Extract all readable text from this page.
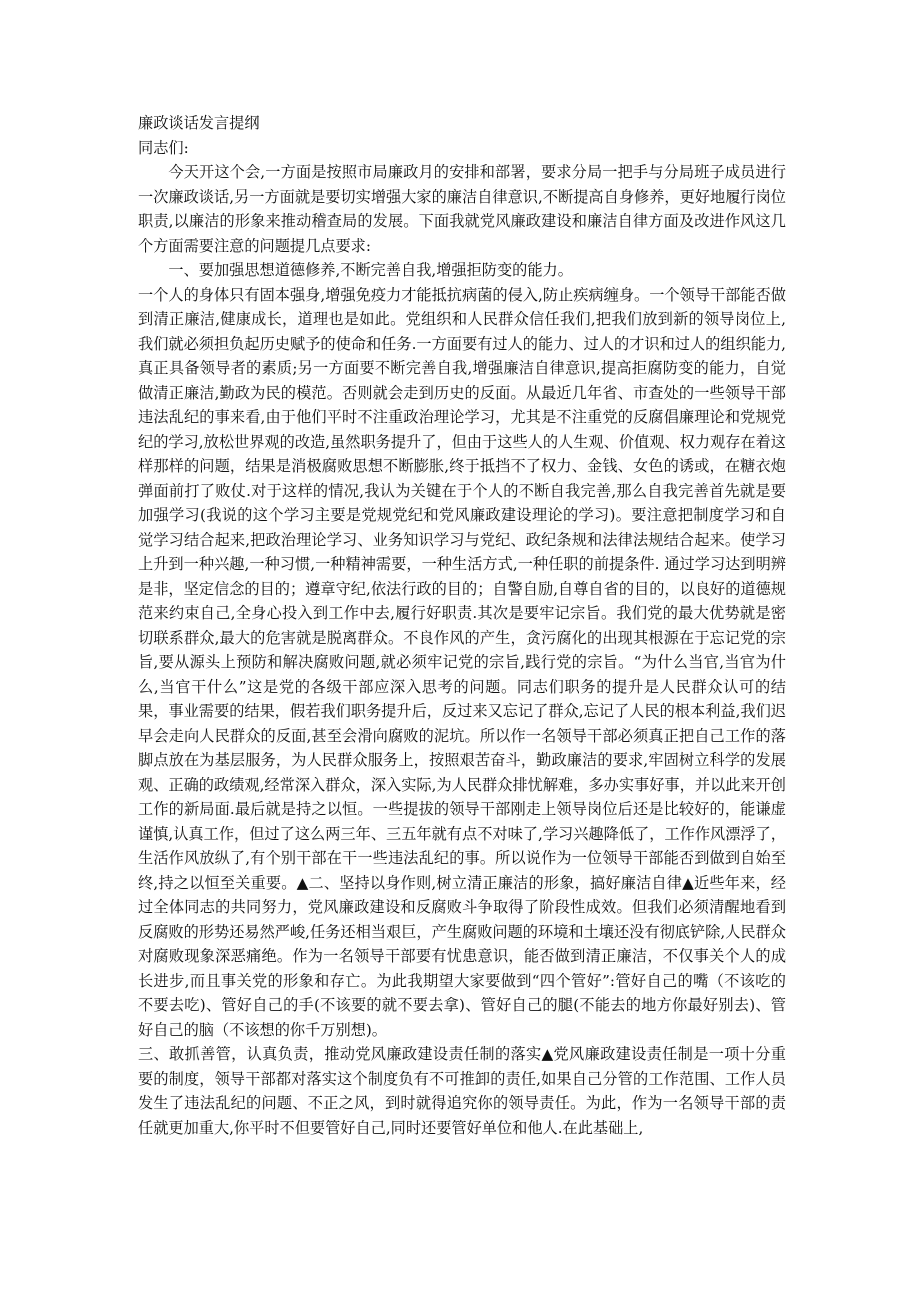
廉政谈话发言提纲

同志们:

今天开这个会,一方面是按照市局廉政月的安排和部署，要求分局一把手与分局班子成员进行一次廉政谈话,另一方面就是要切实增强大家的廉洁自律意识,不断提高自身修养，更好地履行岗位职责,以廉洁的形象来推动稽查局的发展。下面我就党风廉政建设和廉洁自律方面及改进作风这几个方面需要注意的问题提几点要求:

一、要加强思想道德修养,不断完善自我,增强拒防变的能力。

一个人的身体只有固本强身,增强免疫力才能抵抗病菌的侵入,防止疾病缠身。一个领导干部能否做到清正廉洁,健康成长，道理也是如此。党组织和人民群众信任我们,把我们放到新的领导岗位上,我们就必须担负起历史赋予的使命和任务.一方面要有过人的能力、过人的才识和过人的组织能力,真正具备领导者的素质;另一方面要不断完善自我,增强廉洁自律意识,提高拒腐防变的能力，自觉做清正廉洁,勤政为民的模范。否则就会走到历史的反面。从最近几年省、市查处的一些领导干部违法乱纪的事来看,由于他们平时不注重政治理论学习，尤其是不注重党的反腐倡廉理论和党规党纪的学习,放松世界观的改造,虽然职务提升了，但由于这些人的人生观、价值观、权力观存在着这样那样的问题，结果是消极腐败思想不断膨胀,终于抵挡不了权力、金钱、女色的诱或，在糖衣炮弹面前打了败仗.对于这样的情况,我认为关键在于个人的不断自我完善,那么自我完善首先就是要加强学习(我说的这个学习主要是党规党纪和党风廉政建设理论的学习)。要注意把制度学习和自觉学习结合起来,把政治理论学习、业务知识学习与党纪、政纪条规和法律法规结合起来。使学习上升到一种兴趣,一种习惯,一种精神需要，一种生活方式,一种任职的前提条件. 通过学习达到明辨是非，坚定信念的目的；遵章守纪,依法行政的目的；自警自励,自尊自省的目的，以良好的道德规范来约束自己,全身心投入到工作中去,履行好职责.其次是要牢记宗旨。我们党的最大优势就是密切联系群众,最大的危害就是脱离群众。不良作风的产生，贪污腐化的出现其根源在于忘记党的宗旨,要从源头上预防和解决腐败问题,就必须牢记党的宗旨,践行党的宗旨。“为什么当官,当官为什么,当官干什么”这是党的各级干部应深入思考的问题。同志们职务的提升是人民群众认可的结果，事业需要的结果，假若我们职务提升后，反过来又忘记了群众,忘记了人民的根本利益,我们迟早会走向人民群众的反面,甚至会滑向腐败的泥坑。所以作一名领导干部必须真正把自己工作的落脚点放在为基层服务，为人民群众服务上，按照艰苦奋斗，勤政廉洁的要求,牢固树立科学的发展观、正确的政绩观,经常深入群众，深入实际,为人民群众排忧解难，多办实事好事，并以此来开创工作的新局面.最后就是持之以恒。一些提拔的领导干部刚走上领导岗位后还是比较好的，能谦虚谨慎,认真工作，但过了这么两三年、三五年就有点不对味了,学习兴趣降低了，工作作风漂浮了，生活作风放纵了,有个别干部在干一些违法乱纪的事。所以说作为一位领导干部能否到做到自始至终,持之以恒至关重要。▲二、坚持以身作则,树立清正廉洁的形象，搞好廉洁自律▲近些年来，经过全体同志的共同努力，党风廉政建设和反腐败斗争取得了阶段性成效。但我们必须清醒地看到反腐败的形势还易然严峻,任务还相当艰巨，产生腐败问题的环境和土壤还没有彻底铲除,人民群众对腐败现象深恶痛绝。作为一名领导干部要有忧患意识，能否做到清正廉洁，不仅事关个人的成长进步,而且事关党的形象和存亡。为此我期望大家要做到“四个管好”:管好自己的嘴（不该吃的不要去吃)、管好自己的手(不该要的就不要去拿)、管好自己的腿(不能去的地方你最好别去)、管好自己的脑（不该想的你千万别想)。

三、敢抓善管，认真负责，推动党风廉政建设责任制的落实▲党风廉政建设责任制是一项十分重要的制度，领导干部都对落实这个制度负有不可推卸的责任,如果自己分管的工作范围、工作人员发生了违法乱纪的问题、不正之风，到时就得追究你的领导责任。为此，作为一名领导干部的责任就更加重大,你平时不但要管好自己,同时还要管好单位和他人.在此基础上,
